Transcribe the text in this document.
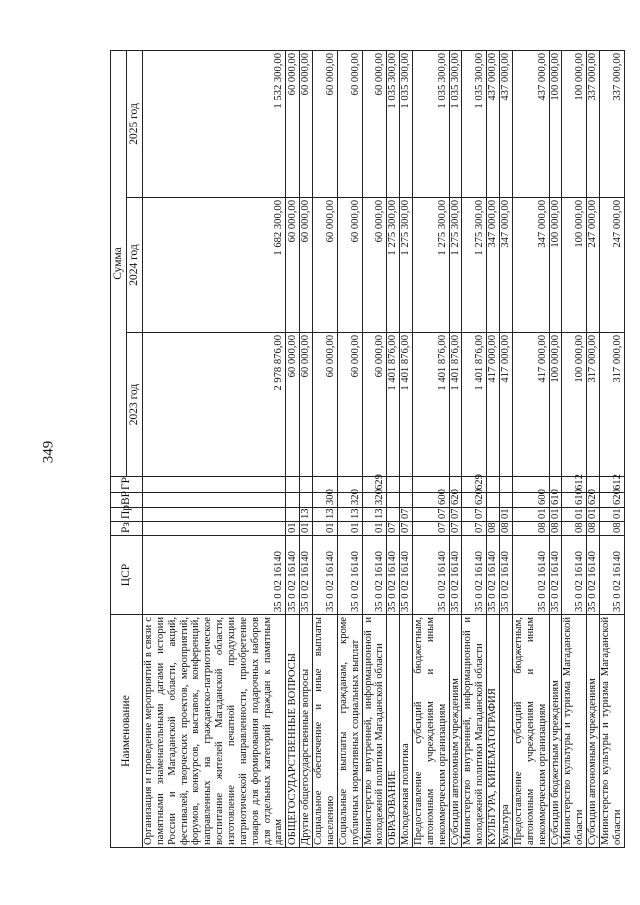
349
Наименование	ЦСР	Рз	Пр	ВР	ГР	Сумма		
						2023 год	2024 год	2025 год
Организация и проведение мероприятий в связи с памятными знаменательными датами истории России и Магаданской области, акций, фестивалей, творческих проектов, мероприятий, форумов, конкурсов, выставок, конференций, направленных на гражданско-патриотическое воспитание жителей Магаданской области, изготовление печатной продукции патриотической направленности, приобретение товаров для формирования подарочных наборов для отдельных категорий граждан к памятным датам	35 0 02 16140					2 978 876,00	1 682 300,00	1 532 300,00
ОБЩЕГОСУДАРСТВЕННЫЕ ВОПРОСЫ	35 0 02 16140	01				60 000,00	60 000,00	60 000,00
Другие общегосударственные вопросы	35 0 02 16140	01	13			60 000,00	60 000,00	60 000,00
Социальное обеспечение и иные выплаты населению	35 0 02 16140	01	13	300		60 000,00	60 000,00	60 000,00
Социальные выплаты гражданам, кроме публичных нормативных социальных выплат	35 0 02 16140	01	13	320		60 000,00	60 000,00	60 000,00
Министерство внутренней, информационной и молодежной политики Магаданской области	35 0 02 16140	01	13	320	629	60 000,00	60 000,00	60 000,00
ОБРАЗОВАНИЕ	35 0 02 16140	07				1 401 876,00	1 275 300,00	1 035 300,00
Молодежная политика	35 0 02 16140	07	07			1 401 876,00	1 275 300,00	1 035 300,00
Предоставление субсидий бюджетным, автономным учреждениям и иным некоммерческим организациям	35 0 02 16140	07	07	600		1 401 876,00	1 275 300,00	1 035 300,00
Субсидии автономным учреждениям	35 0 02 16140	07	07	620		1 401 876,00	1 275 300,00	1 035 300,00
Министерство внутренней, информационной и молодежной политики Магаданской области	35 0 02 16140	07	07	620	629	1 401 876,00	1 275 300,00	1 035 300,00
КУЛЬТУРА, КИНЕМАТОГРАФИЯ	35 0 02 16140	08				417 000,00	347 000,00	437 000,00
Культура	35 0 02 16140	08	01			417 000,00	347 000,00	437 000,00
Предоставление субсидий бюджетным, автономным учреждениям и иным некоммерческим организациям	35 0 02 16140	08	01	600		417 000,00	347 000,00	437 000,00
Субсидии бюджетным учреждениям	35 0 02 16140	08	01	610		100 000,00	100 000,00	100 000,00
Министерство культуры и туризма Магаданской области	35 0 02 16140	08	01	610	612	100 000,00	100 000,00	100 000,00
Субсидии автономным учреждениям	35 0 02 16140	08	01	620		317 000,00	247 000,00	337 000,00
Министерство культуры и туризма Магаданской области	35 0 02 16140	08	01	620	612	317 000,00	247 000,00	337 000,00
